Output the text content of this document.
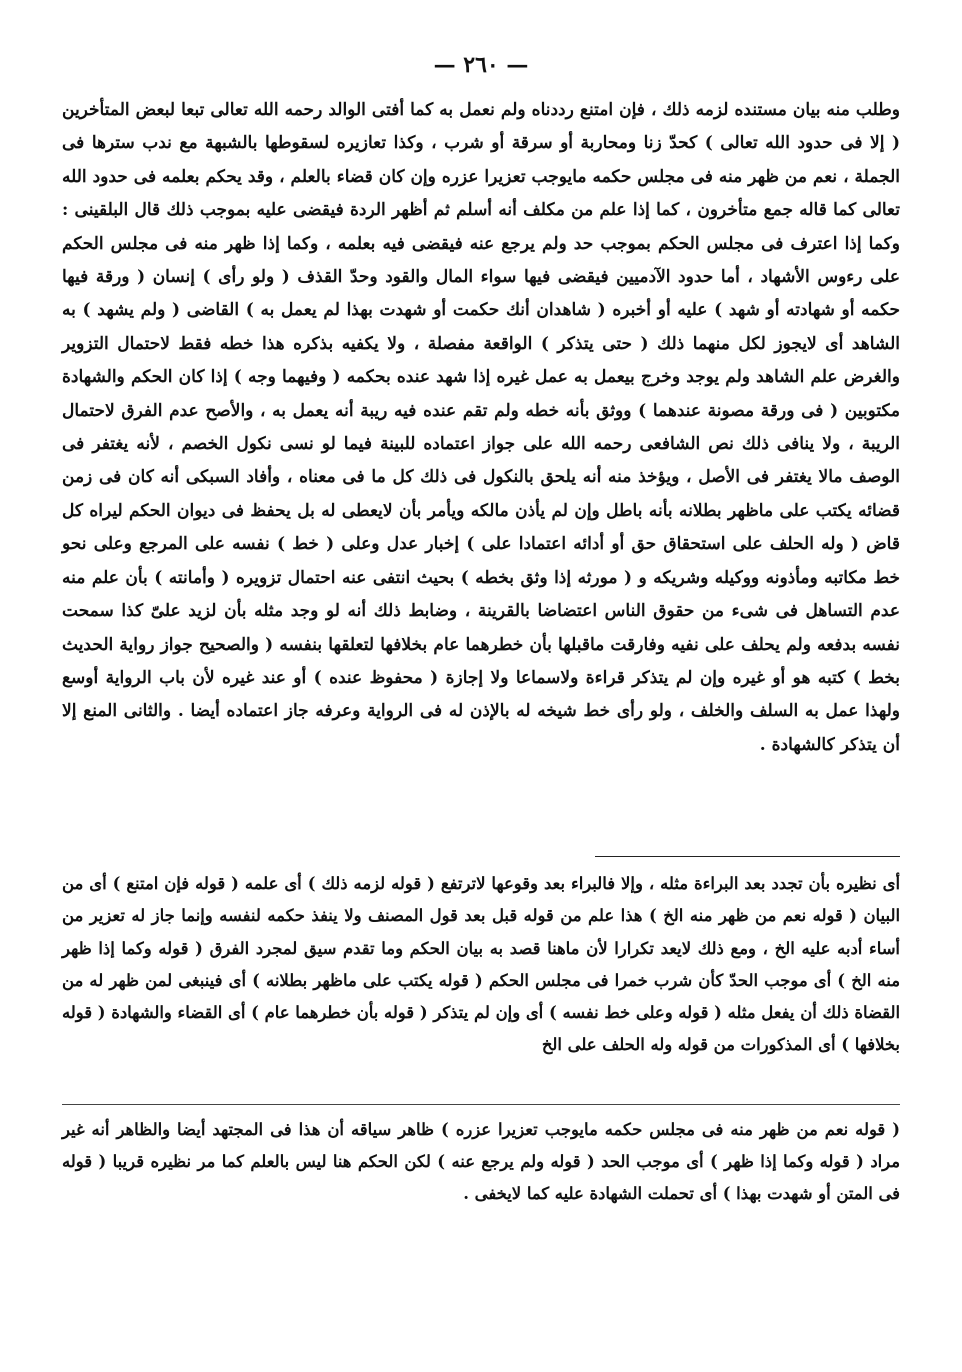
— ٢٦٠ —

وطلب منه بيان مستنده لزمه ذلك ، فإن امتنع رددناه ولم نعمل به كما أفتى الوالد رحمه الله تعالى تبعا لبعض المتأخرين ( إلا فى حدود الله تعالى ) كحدّ زنا ومحاربة أو سرقة أو شرب ، وكذا تعازيره لسقوطها بالشبهة مع ندب سترها فى الجملة ، نعم من ظهر منه فى مجلس حكمه مايوجب تعزيرا عزره وإن كان قضاء بالعلم ، وقد يحكم بعلمه فى حدود الله تعالى كما قاله جمع متأخرون ، كما إذا علم من مكلف أنه أسلم ثم أظهر الردة فيقضى عليه بموجب ذلك قال البلقينى : وكما إذا اعترف فى مجلس الحكم بموجب حد ولم يرجع عنه فيقضى فيه بعلمه ، وكما إذا ظهر منه فى مجلس الحكم على رءوس الأشهاد ، أما حدود الآدميين فيقضى فيها سواء المال والقود وحدّ القذف ( ولو رأى ) إنسان ( ورقة فيها حكمه أو شهادته أو شهد ) عليه أو أخبره ( شاهدان أنك حكمت أو شهدت بهذا لم يعمل به ) القاضى ( ولم يشهد ) به الشاهد أى لايجوز لكل منهما ذلك ( حتى يتذكر ) الواقعة مفصلة ، ولا يكفيه بذكره هذا خطه فقط لاحتمال التزوير والغرض علم الشاهد ولم يوجد وخرج بيعمل به عمل غيره إذا شهد عنده بحكمه ( وفيهما وجه ) إذا كان الحكم والشهادة مكتوبين ( فى ورقة مصونة عندهما ) ووثق بأنه خطه ولم تقم عنده فيه ريبة أنه يعمل به ، والأصح عدم الفرق لاحتمال الريبة ، ولا ينافى ذلك نص الشافعى رحمه الله على جواز اعتماده للبينة فيما لو نسى نكول الخصم ، لأنه يغتفر فى الوصف مالا يغتفر فى الأصل ، ويؤخذ منه أنه يلحق بالنكول فى ذلك كل ما فى معناه ، وأفاد السبكى أنه كان فى زمن قضائه يكتب على ماظهر بطلانه بأنه باطل وإن لم يأذن مالكه ويأمر بأن لايعطى له بل يحفظ فى ديوان الحكم ليراه كل قاض ( وله الحلف على استحقاق حق أو أدائه اعتمادا على ) إخبار عدل وعلى ( خط ) نفسه على المرجع وعلى نحو خط مكاتبه ومأذونه ووكيله وشريكه و ( مورثه إذا وثق بخطه ) بحيث انتفى عنه احتمال تزويره ( وأمانته ) بأن علم منه عدم التساهل فى شىء من حقوق الناس اعتضاضا بالقرينة ، وضابط ذلك أنه لو وجد مثله بأن لزيد علىّ كذا سمحت نفسه بدفعه ولم يحلف على نفيه وفارقت ماقبلها بأن خطرهما عام بخلافها لتعلقها بنفسه ( والصحيح جواز رواية الحديث بخط ) كتبه هو أو غيره وإن لم يتذكر قراءة ولاسماعا ولا إجازة ( محفوظ عنده ) أو عند غيره لأن باب الرواية أوسع ولهذا عمل به السلف والخلف ، ولو رأى خط شيخه له بالإذن له فى الرواية وعرفه جاز اعتماده أيضا . والثانى المنع إلا أن يتذكر كالشهادة .

أى نظيره بأن تجدد بعد البراءة مثله ، وإلا فالبراء بعد وقوعها لاترتفع ( قوله لزمه ذلك ) أى علمه ( قوله فإن امتنع ) أى من البيان ( قوله نعم من ظهر منه الخ ) هذا علم من قوله قبل بعد قول المصنف ولا ينفذ حكمه لنفسه وإنما جاز له تعزير من أساء أدبه عليه الخ ، ومع ذلك لايعد تكرارا لأن ماهنا قصد به بيان الحكم وما تقدم سيق لمجرد الفرق ( قوله وكما إذا ظهر منه الخ ) أى موجب الحدّ كأن شرب خمرا فى مجلس الحكم ( قوله يكتب على ماظهر بطلانه ) أى فينبغى لمن ظهر له من القضاة ذلك أن يفعل مثله ( قوله وعلى خط نفسه ) أى وإن لم يتذكر ( قوله بأن خطرهما عام ) أى القضاء والشهادة ( قوله بخلافها ) أى المذكورات من قوله وله الحلف على الخ

( قوله نعم من ظهر منه فى مجلس حكمه مايوجب تعزيرا عزره ) ظاهر سياقه أن هذا فى المجتهد أيضا والظاهر أنه غير مراد ( قوله وكما إذا ظهر ) أى موجب الحد ( قوله ولم يرجع عنه ) لكن الحكم هنا ليس بالعلم كما مر نظيره قريبا ( قوله فى المتن أو شهدت بهذا ) أى تحملت الشهادة عليه كما لايخفى .
